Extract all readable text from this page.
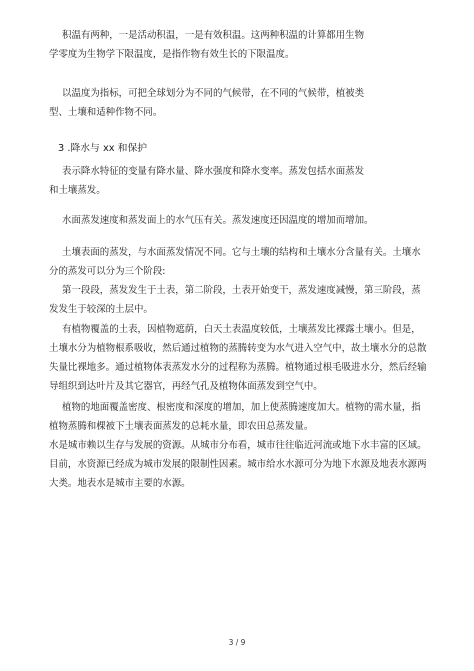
积温有两种，一是活动积温，一是有效积温。这两种积温的计算都用生物
学零度为生物学下限温度，是指作物有效生长的下限温度。
以温度为指标，可把全球划分为不同的气候带，在不同的气候带，植被类
型、土壤和适种作物不同。
3 .降水与 xx 和保护
表示降水特征的变量有降水量、降水强度和降水变率。蒸发包括水面蒸发
和土壤蒸发。
水面蒸发速度和蒸发面上的水气压有关。蒸发速度还因温度的增加而增加。
土壤表面的蒸发，与水面蒸发情况不同。它与土壤的结构和土壤水分含量有关。土壤水
分的蒸发可以分为三个阶段:
第一段段，蒸发发生于土表，第二阶段，土表开始变干，蒸发速度减慢，第三阶段，蒸
发发生于较深的土层中。
有植物覆盖的土表，因植物遮荫，白天土表温度较低，土壤蒸发比裸露土壤小。但是，
土壤水分为植物根系吸收，然后通过植物的蒸腾转变为水气进入空气中，故土壤水分的总散
失量比裸地多。通过植物体表蒸发水分的过程称为蒸腾。植物通过根毛吸进水分，然后经输
导组织到达叶片及其它器官，再经气孔及植物体面蒸发到空气中。
植物的地面覆盖密度、根密度和深度的增加，加上使蒸腾速度加大。植物的需水量，指
植物蒸腾和棵被下土壤表面蒸发的总耗水量，即农田总蒸发量。
水是城市赖以生存与发展的资源。从城市分布看，城市往往临近河流或地下水丰富的区域。
目前，水资源已经成为城市发展的限制性因素。城市给水水源可分为地下水源及地表水源两
大类。地表水是城市主要的水源。
3 / 9
